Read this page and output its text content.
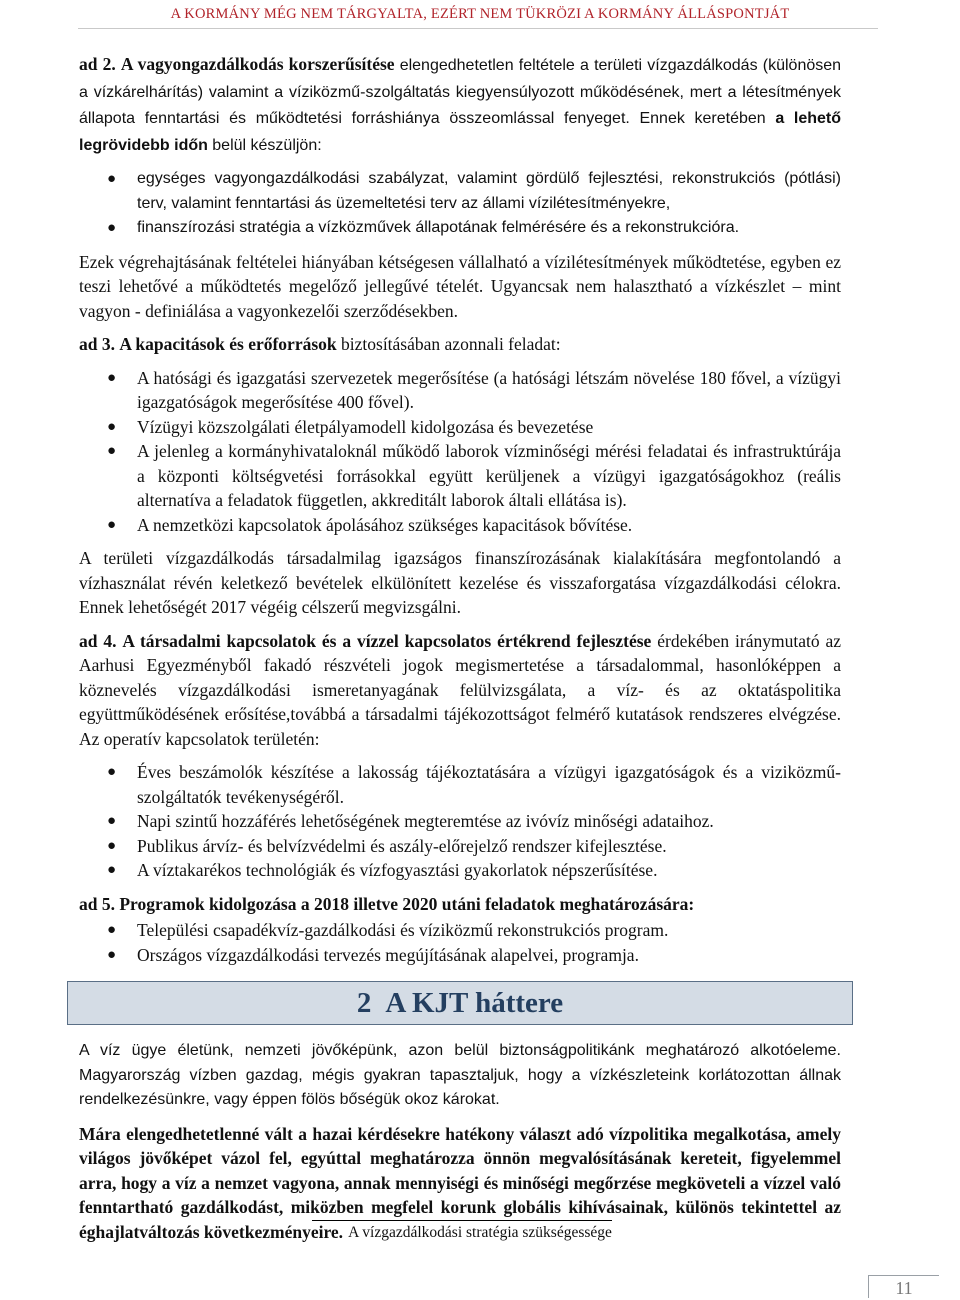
A KORMÁNY MÉG NEM TÁRGYALTA, EZÉRT NEM TÜKRÖZI A KORMÁNY ÁLLÁSPONTJÁT

ad 2. A vagyongazdálkodás korszerűsítése elengedhetetlen feltétele a területi vízgazdálkodás (különösen a vízkárelhárítás) valamint a víziközmű-szolgáltatás kiegyensúlyozott működésének, mert a létesítmények állapota fenntartási és működtetési forráshiánya összeomlással fenyeget. Ennek keretében a lehető legrövidebb időn belül készüljön:

● egységes vagyongazdálkodási szabályzat, valamint gördülő fejlesztési, rekonstrukciós (pótlási) terv, valamint fenntartási ás üzemeltetési terv az állami vízilétesítményekre,
● finanszírozási stratégia a vízközművek állapotának felmérésére és a rekonstrukcióra.

Ezek végrehajtásának feltételei hiányában kétségesen vállalható a vízilétesítmények működtetése, egyben ez teszi lehetővé a működtetés megelőző jellegűvé tételét. Ugyancsak nem halasztható a vízkészlet – mint vagyon - definiálása a vagyonkezelői szerződésekben.

ad 3. A kapacitások és erőforrások biztosításában azonnali feladat:

● A hatósági és igazgatási szervezetek megerősítése (a hatósági létszám növelése 180 fővel, a vízügyi igazgatóságok megerősítése 400 fővel).
● Vízügyi közszolgálati életpályamodell kidolgozása és bevezetése
● A jelenleg a kormányhivataloknál működő laborok vízminőségi mérési feladatai és infrastruktúrája a központi költségvetési forrásokkal együtt kerüljenek a vízügyi igazgatóságokhoz (reális alternatíva a feladatok független, akkreditált laborok általi ellátása is).
● A nemzetközi kapcsolatok ápolásához szükséges kapacitások bővítése.

A területi vízgazdálkodás társadalmilag igazságos finanszírozásának kialakítására megfontolandó a vízhasználat révén keletkező bevételek elkülönített kezelése és visszaforgatása vízgazdálkodási célokra. Ennek lehetőségét 2017 végéig célszerű megvizsgálni.

ad 4. A társadalmi kapcsolatok és a vízzel kapcsolatos értékrend fejlesztése érdekében iránymutató az Aarhusi Egyezményből fakadó részvételi jogok megismertetése a társadalommal, hasonlóképpen a köznevelés vízgazdálkodási ismeretanyagának felülvizsgálata, a víz- és az oktatáspolitika együttműködésének erősítése,továbbá a társadalmi tájékozottságot felmérő kutatások rendszeres elvégzése. Az operatív kapcsolatok területén:

● Éves beszámolók készítése a lakosság tájékoztatására a vízügyi igazgatóságok és a viziközmű-szolgáltatók tevékenységéről.
● Napi szintű hozzáférés lehetőségének megteremtése az ivóvíz minőségi adataihoz.
● Publikus árvíz- és belvízvédelmi és aszály-előrejelző rendszer kifejlesztése.
● A víztakarékos technológiák és vízfogyasztási gyakorlatok népszerűsítése.

ad 5. Programok kidolgozása a 2018 illetve 2020 utáni feladatok meghatározására:

● Települési csapadékvíz-gazdálkodási és víziközmű rekonstrukciós program.
● Országos vízgazdálkodási tervezés megújításának alapelvei, programja.
2 A KJT háttere

A víz ügye életünk, nemzeti jövőképünk, azon belül biztonságpolitikánk meghatározó alkotóeleme. Magyarország vízben gazdag, mégis gyakran tapasztaljuk, hogy a vízkészleteink korlátozottan állnak rendelkezésünkre, vagy éppen fölös bőségük okoz károkat.

Mára elengedhetetlenné vált a hazai kérdésekre hatékony választ adó vízpolitika megalkotása, amely világos jövőképet vázol fel, egyúttal meghatározza önnön megvalósításának kereteit, figyelemmel arra, hogy a víz a nemzet vagyona, annak mennyiségi és minőségi megőrzése megköveteli a vízzel való fenntartható gazdálkodást, miközben megfelel korunk globális kihívásainak, különös tekintettel az éghajlatváltozás következményeire. A vízgazdálkodási stratégia szükségessége
11
